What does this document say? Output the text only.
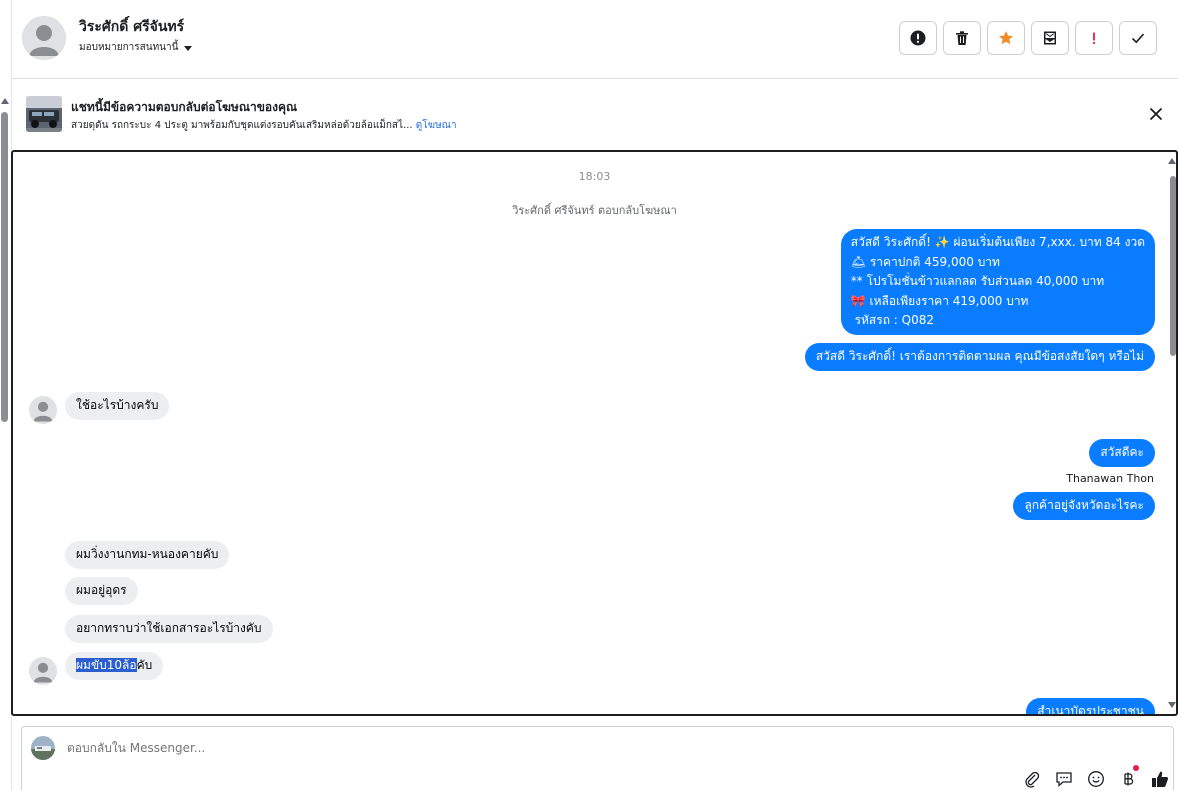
วิระศักดิ์ ศรีจันทร์
มอบหมายการสนทนานี้
แชทนี้มีข้อความตอบกลับต่อโฆษณาของคุณ
สวยดุดัน รถกระบะ 4 ประตู มาพร้อมกับชุดแต่งรอบคันเสริมหล่อด้วยล้อแม็กสไ... ดูโฆษณา
18:03
วิระศักดิ์ ศรีจันทร์ ตอบกลับโฆษณา
สวัสดี วิระศักดิ์! ✨ ผ่อนเริ่มต้นเพียง 7,xxx. บาท 84 งวด
🛎 ราคาปกติ 459,000 บาท
** โปรโมชั่นข้าวแลกลด รับส่วนลด 40,000 บาท
🎀 เหลือเพียงราคา 419,000 บาท
รหัสรถ : Q082
สวัสดี วิระศักดิ์! เราต้องการติดตามผล คุณมีข้อสงสัยใดๆ หรือไม่
ใช้อะไรบ้างครับ
สวัสดีคะ
Thanawan Thon
ลูกค้าอยู่จังหวัดอะไรคะ
ผมวิ่งงานกทม-หนองคายคับ
ผมอยู่อุดร
อยากทราบว่าใช้เอกสารอะไรบ้างคับ
ผมขับ10ล้อคับ
สำเนาบัตรประชาชน
ตอบกลับใน Messenger...
